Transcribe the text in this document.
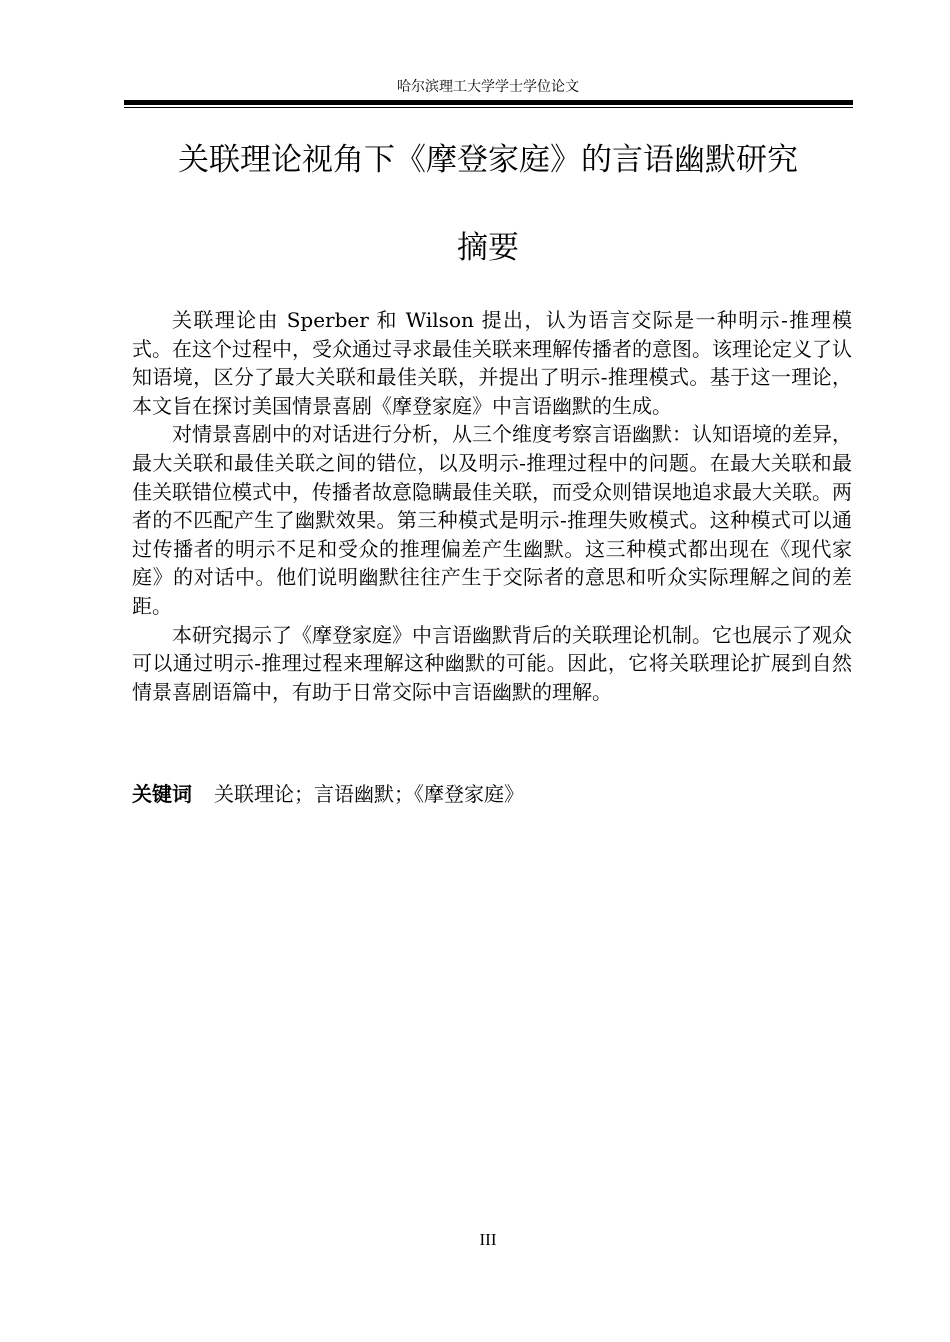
哈尔滨理工大学学士学位论文
关联理论视角下《摩登家庭》的言语幽默研究
摘要

关联理论由 Sperber 和 Wilson 提出，认为语言交际是一种明示-推理模式。在这个过程中，受众通过寻求最佳关联来理解传播者的意图。该理论定义了认知语境，区分了最大关联和最佳关联，并提出了明示-推理模式。基于这一理论，本文旨在探讨美国情景喜剧《摩登家庭》中言语幽默的生成。

对情景喜剧中的对话进行分析，从三个维度考察言语幽默：认知语境的差异，最大关联和最佳关联之间的错位，以及明示-推理过程中的问题。在最大关联和最佳关联错位模式中，传播者故意隐瞒最佳关联，而受众则错误地追求最大关联。两者的不匹配产生了幽默效果。第三种模式是明示-推理失败模式。这种模式可以通过传播者的明示不足和受众的推理偏差产生幽默。这三种模式都出现在《现代家庭》的对话中。他们说明幽默往往产生于交际者的意思和听众实际理解之间的差距。

本研究揭示了《摩登家庭》中言语幽默背后的关联理论机制。它也展示了观众可以通过明示-推理过程来理解这种幽默的可能。因此，它将关联理论扩展到自然情景喜剧语篇中，有助于日常交际中言语幽默的理解。

关键词 关联理论；言语幽默；《摩登家庭》
III
